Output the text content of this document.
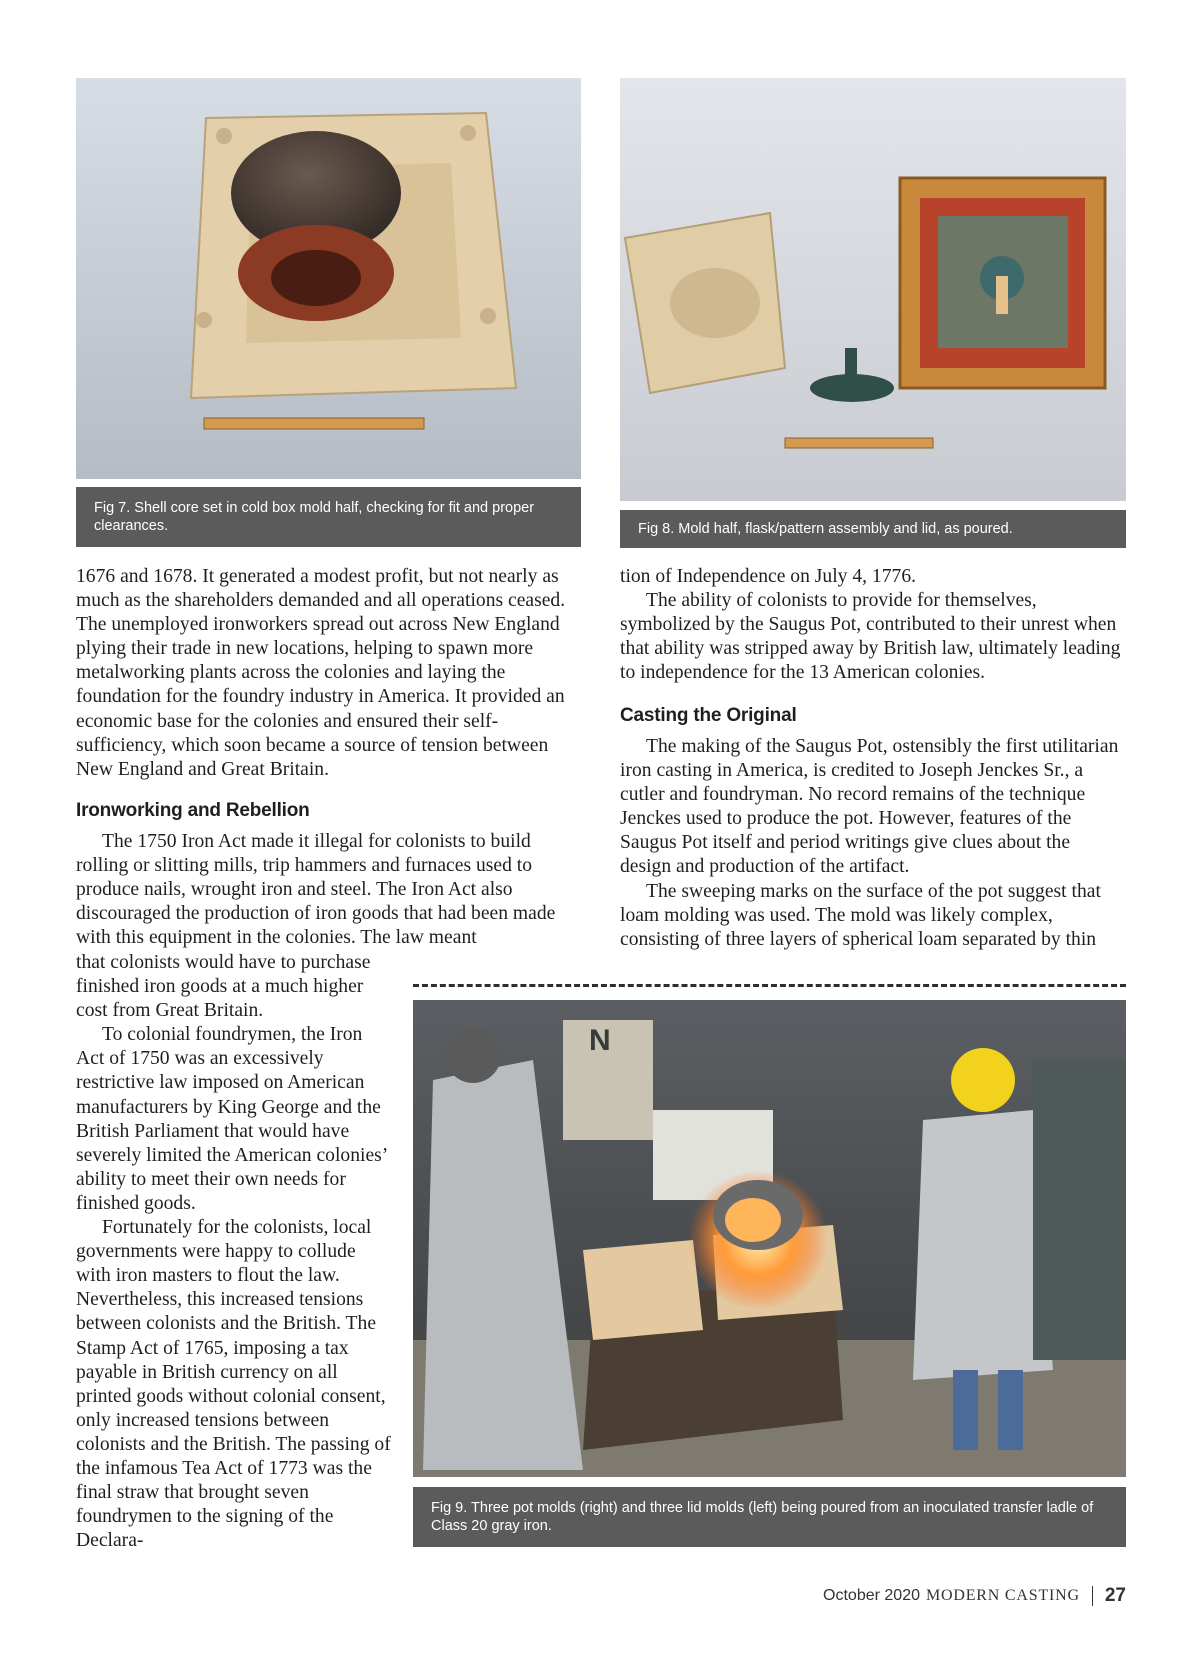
Fig 7. Shell core set in cold box mold half, checking for fit and proper clearances.	Fig 8. Mold half, flask/pattern assembly and lid, as poured.

1676 and 1678. It generated a modest profit, but not nearly as much as the shareholders demanded and all operations ceased. The unemployed ironworkers spread out across New England plying their trade in new locations, helping to spawn more metalworking plants across the colonies and laying the foundation for the foundry industry in America. It provided an economic base for the colonies and ensured their self-sufficiency, which soon became a source of tension between New England and Great Britain.

Ironworking and Rebellion

The 1750 Iron Act made it illegal for colonists to build rolling or slitting mills, trip hammers and furnaces used to produce nails, wrought iron and steel. The Iron Act also discouraged the production of iron goods that had been made with this equipment in the colonies. The law meant

that colonists would have to purchase finished iron goods at a much higher cost from Great Britain.

To colonial foundrymen, the Iron Act of 1750 was an excessively restrictive law imposed on American manufacturers by King George and the British Parliament that would have severely limited the American colonies’ ability to meet their own needs for finished goods.

Fortunately for the colonists, local governments were happy to collude with iron masters to flout the law. Nevertheless, this increased tensions between colonists and the British. The Stamp Act of 1765, imposing a tax payable in British currency on all printed goods without colonial consent, only increased tensions between colonists and the British. The passing of the infamous Tea Act of 1773 was the final straw that brought seven foundrymen to the signing of the Declara-

tion of Independence on July 4, 1776.

The ability of colonists to provide for themselves, symbolized by the Saugus Pot, contributed to their unrest when that ability was stripped away by British law, ultimately leading to independence for the 13 American colonies.

Casting the Original

The making of the Saugus Pot, ostensibly the first utilitarian iron casting in America, is credited to Joseph Jenckes Sr., a cutler and foundryman. No record remains of the technique Jenckes used to produce the pot. However, features of the Saugus Pot itself and period writings give clues about the design and production of the artifact.

The sweeping marks on the surface of the pot suggest that loam molding was used. The mold was likely complex, consisting of three layers of spherical loam separated by thin

N
Fig 9. Three pot molds (right) and three lid molds (left) being poured from an inoculated transfer ladle of Class 20 gray iron.
October 2020 MODERN CASTING 27
